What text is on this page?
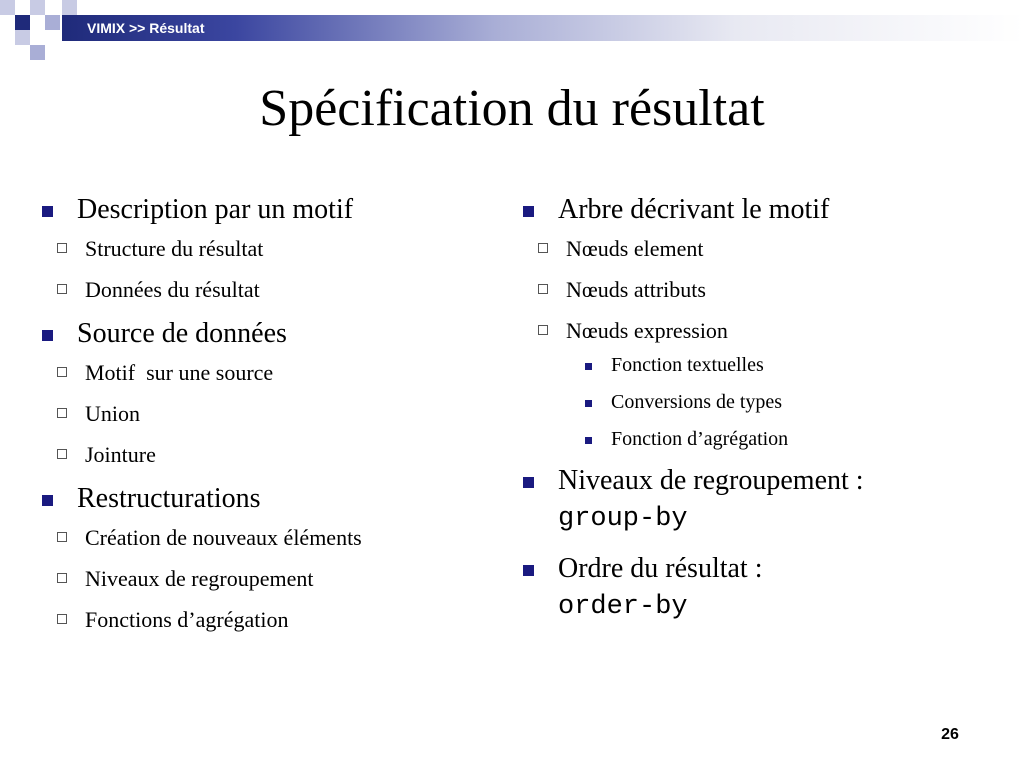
VIMIX >> Résultat
Spécification du résultat
Description par un motif
Structure du résultat
Données du résultat
Source de données
Motif  sur une source
Union
Jointure
Restructurations
Création de nouveaux éléments
Niveaux de regroupement
Fonctions d’agrégation
Arbre décrivant le motif
Nœuds element
Nœuds attributs
Nœuds expression
Fonction textuelles
Conversions de types
Fonction d’agrégation
Niveaux de regroupement :
group-by
Ordre du résultat :
order-by
26
